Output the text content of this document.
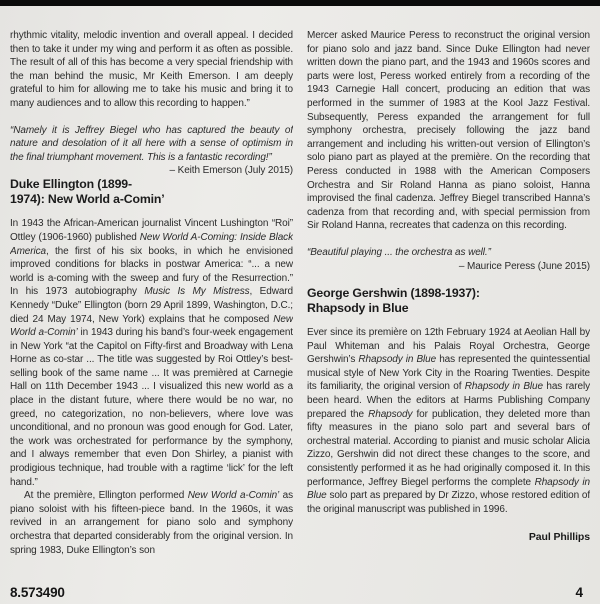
rhythmic vitality, melodic invention and overall appeal. I decided then to take it under my wing and perform it as often as possible. The result of all of this has become a very special friendship with the man behind the music, Mr Keith Emerson. I am deeply grateful to him for allowing me to take his music and bring it to many audiences and to allow this recording to happen.”

“Namely it is Jeffrey Biegel who has captured the beauty of nature and desolation of it all here with a sense of optimism in the final triumphant movement. This is a fantastic recording!”
– Keith Emerson (July 2015)
Duke Ellington (1899-1974): New World a-Comin’

In 1943 the African-American journalist Vincent Lushington “Roi” Ottley (1906-1960) published New World A-Coming: Inside Black America, the first of his six books, in which he envisioned improved conditions for blacks in postwar America: “... a new world is a-coming with the sweep and fury of the Resurrection.” In his 1973 autobiography Music Is My Mistress, Edward Kennedy “Duke” Ellington (born 29 April 1899, Washington, D.C.; died 24 May 1974, New York) explains that he composed New World a-Comin’ in 1943 during his band’s four-week engagement in New York “at the Capitol on Fifty-first and Broadway with Lena Horne as co-star ... The title was suggested by Roi Ottley’s best-selling book of the same name ... It was premièred at Carnegie Hall on 11th December 1943 ... I visualized this new world as a place in the distant future, where there would be no war, no greed, no categorization, no non-believers, where love was unconditional, and no pronoun was good enough for God. Later, the work was orchestrated for performance by the symphony, and I always remember that even Don Shirley, a pianist with prodigious technique, had trouble with a ragtime ‘lick’ for the left hand.”

At the première, Ellington performed New World a-Comin’ as piano soloist with his fifteen-piece band. In the 1960s, it was revived in an arrangement for piano solo and symphony orchestra that departed considerably from the original version. In spring 1983, Duke Ellington’s son

Mercer asked Maurice Peress to reconstruct the original version for piano solo and jazz band. Since Duke Ellington had never written down the piano part, and the 1943 and 1960s scores and parts were lost, Peress worked entirely from a recording of the 1943 Carnegie Hall concert, producing an edition that was performed in the summer of 1983 at the Kool Jazz Festival. Subsequently, Peress expanded the arrangement for full symphony orchestra, precisely following the jazz band arrangement and including his written-out version of Ellington’s solo piano part as played at the première. On the recording that Peress conducted in 1988 with the American Composers Orchestra and Sir Roland Hanna as piano soloist, Hanna improvised the final cadenza. Jeffrey Biegel transcribed Hanna’s cadenza from that recording and, with special permission from Sir Roland Hanna, recreates that cadenza on this recording.

“Beautiful playing ... the orchestra as well.”
– Maurice Peress (June 2015)
George Gershwin (1898-1937):
Rhapsody in Blue

Ever since its première on 12th February 1924 at Aeolian Hall by Paul Whiteman and his Palais Royal Orchestra, George Gershwin’s Rhapsody in Blue has represented the quintessential musical style of New York City in the Roaring Twenties. Despite its familiarity, the original version of Rhapsody in Blue has rarely been heard. When the editors at Harms Publishing Company prepared the Rhapsody for publication, they deleted more than fifty measures in the piano solo part and several bars of orchestral material. According to pianist and music scholar Alicia Zizzo, Gershwin did not direct these changes to the score, and consistently performed it as he had originally composed it. In this performance, Jeffrey Biegel performs the complete Rhapsody in Blue solo part as prepared by Dr Zizzo, whose restored edition of the original manuscript was published in 1996.

Paul Phillips
8.573490	4
